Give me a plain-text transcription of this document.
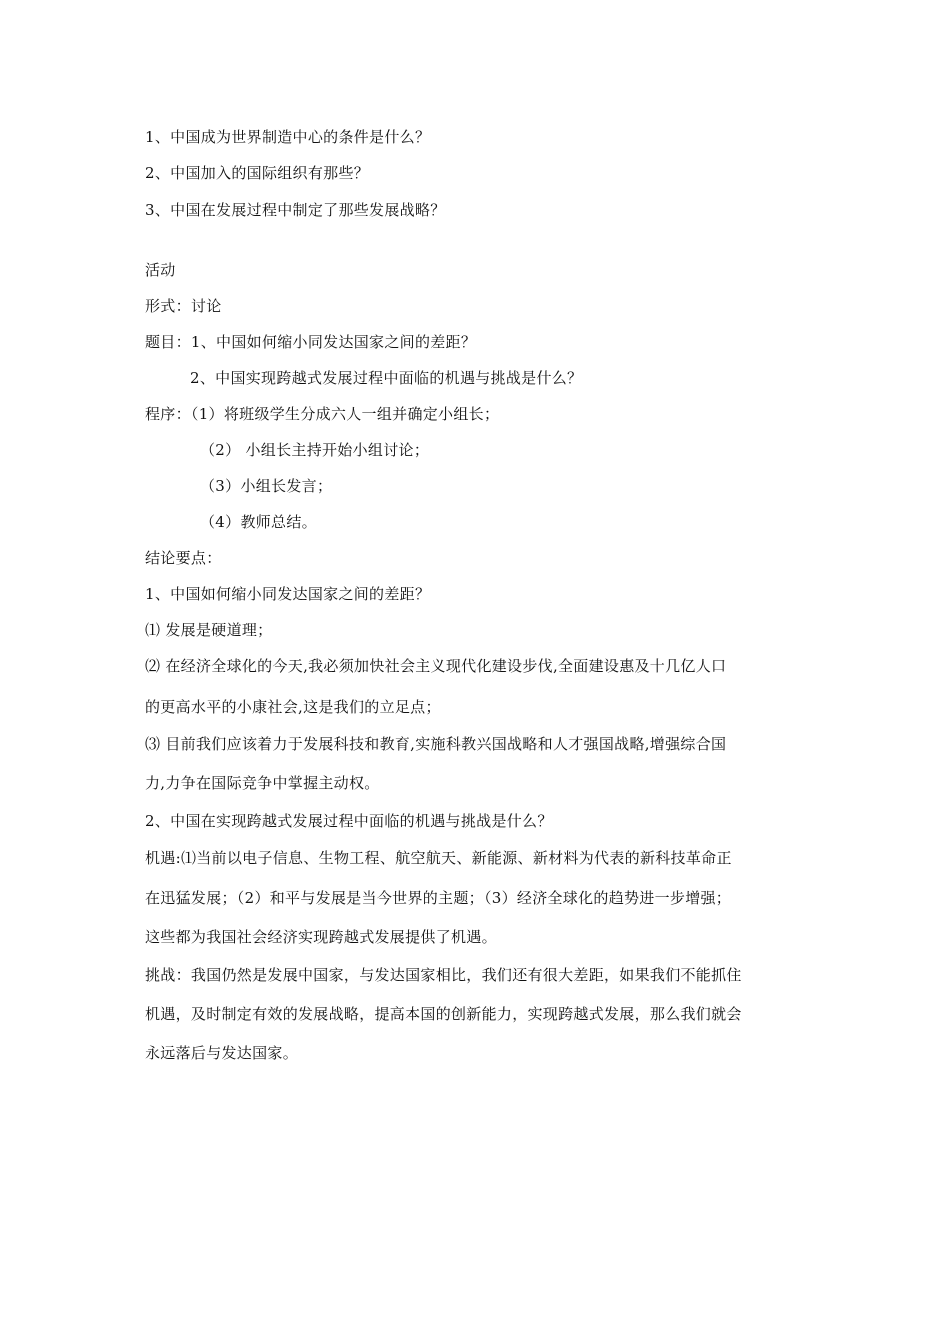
1、中国成为世界制造中心的条件是什么？
2、中国加入的国际组织有那些？
3、中国在发展过程中制定了那些发展战略？
活动
形式：讨论
题目：1、中国如何缩小同发达国家之间的差距？
2、中国实现跨越式发展过程中面临的机遇与挑战是什么？
程序：（1）将班级学生分成六人一组并确定小组长；
（2） 小组长主持开始小组讨论；
（3）小组长发言；
（4）教师总结。
结论要点：
1、中国如何缩小同发达国家之间的差距？
⑴ 发展是硬道理；
⑵ 在经济全球化的今天,我必须加快社会主义现代化建设步伐,全面建设惠及十几亿人口
的更高水平的小康社会,这是我们的立足点；
⑶ 目前我们应该着力于发展科技和教育,实施科教兴国战略和人才强国战略,增强综合国
力,力争在国际竞争中掌握主动权。
2、中国在实现跨越式发展过程中面临的机遇与挑战是什么？
机遇:⑴当前以电子信息、生物工程、航空航天、新能源、新材料为代表的新科技革命正
在迅猛发展；（2）和平与发展是当今世界的主题；（3）经济全球化的趋势进一步增强；
这些都为我国社会经济实现跨越式发展提供了机遇。
挑战：我国仍然是发展中国家，与发达国家相比，我们还有很大差距，如果我们不能抓住
机遇，及时制定有效的发展战略，提高本国的创新能力，实现跨越式发展，那么我们就会
永远落后与发达国家。
